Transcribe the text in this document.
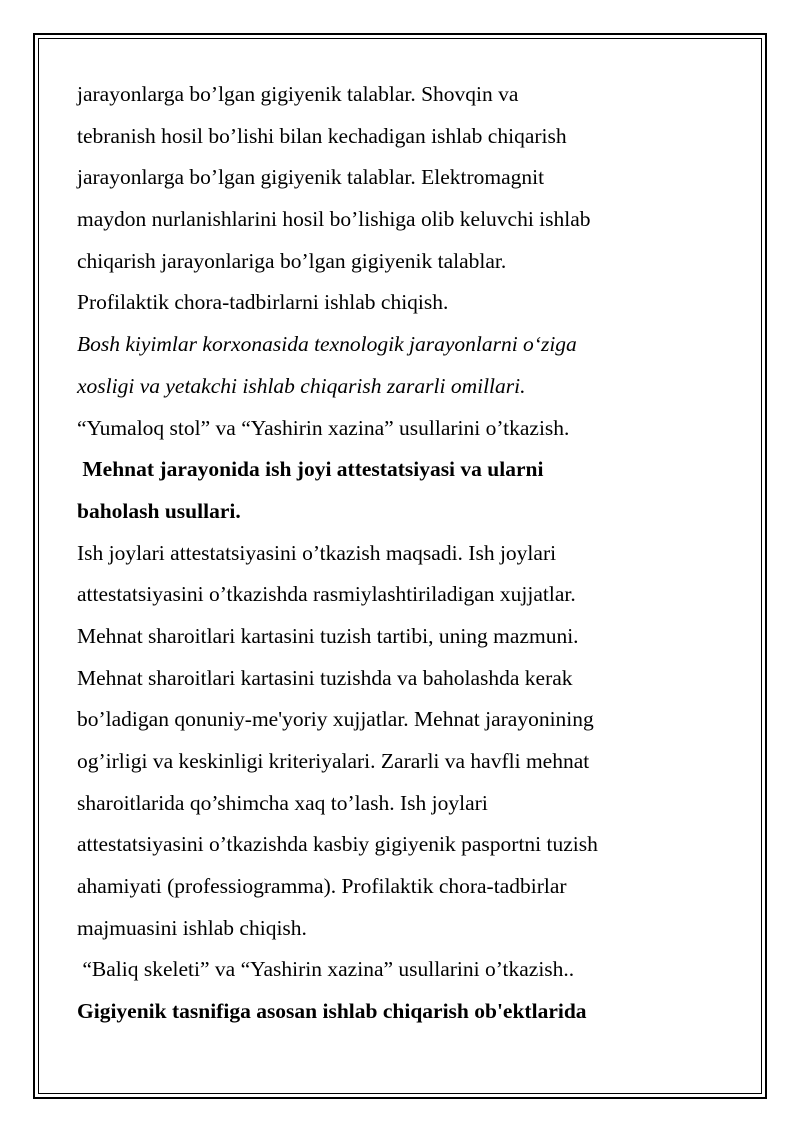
jarayonlarga bo’lgan gigiyenik talablar. Shovqin va
tebranish hosil bo’lishi bilan kechadigan ishlab chiqarish
jarayonlarga bo’lgan gigiyenik talablar. Elektromagnit
maydon nurlanishlarini hosil bo’lishiga olib keluvchi ishlab
chiqarish jarayonlariga bo’lgan gigiyenik talablar.
Profilaktik chora-tadbirlarni ishlab chiqish.
Bosh kiyimlar korxonasida texnologik jarayonlarni o‘ziga
xosligi va yetakchi ishlab chiqarish zararli omillari.
“Yumaloq stol” va “Yashirin xazina” usullarini o’tkazish.
Mehnat jarayonida ish joyi attestatsiyasi va ularni
baholash usullari.
Ish joylari attestatsiyasini o’tkazish maqsadi. Ish joylari
attestatsiyasini o’tkazishda rasmiylashtiriladigan xujjatlar.
Mehnat sharoitlari kartasini tuzish tartibi, uning mazmuni.
Mehnat sharoitlari kartasini tuzishda va baholashda kerak
bo’ladigan qonuniy-me'yoriy xujjatlar. Mehnat jarayonining
og’irligi va keskinligi kriteriyalari. Zararli va havfli mehnat
sharoitlarida qo’shimcha xaq to’lash. Ish joylari
attestatsiyasini o’tkazishda kasbiy gigiyenik pasportni tuzish
ahamiyati (professiogramma). Profilaktik chora-tadbirlar
majmuasini ishlab chiqish.
“Baliq skeleti” va “Yashirin xazina” usullarini o’tkazish..
Gigiyenik tasnifiga asosan ishlab chiqarish ob'ektlarida
